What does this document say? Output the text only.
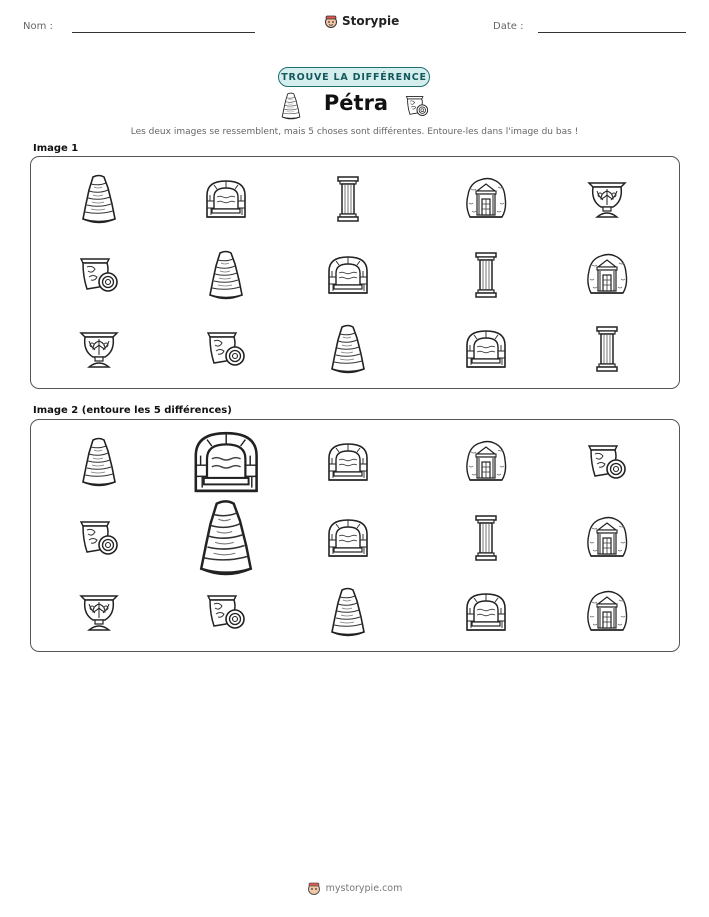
Nom :	Storypie	Date :
TROUVE LA DIFFÉRENCE
Pétra
Les deux images se ressemblent, mais 5 choses sont différentes. Entoure-les dans l'image du bas !
Image 1
Image 2 (entoure les 5 différences)
mystorypie.com
